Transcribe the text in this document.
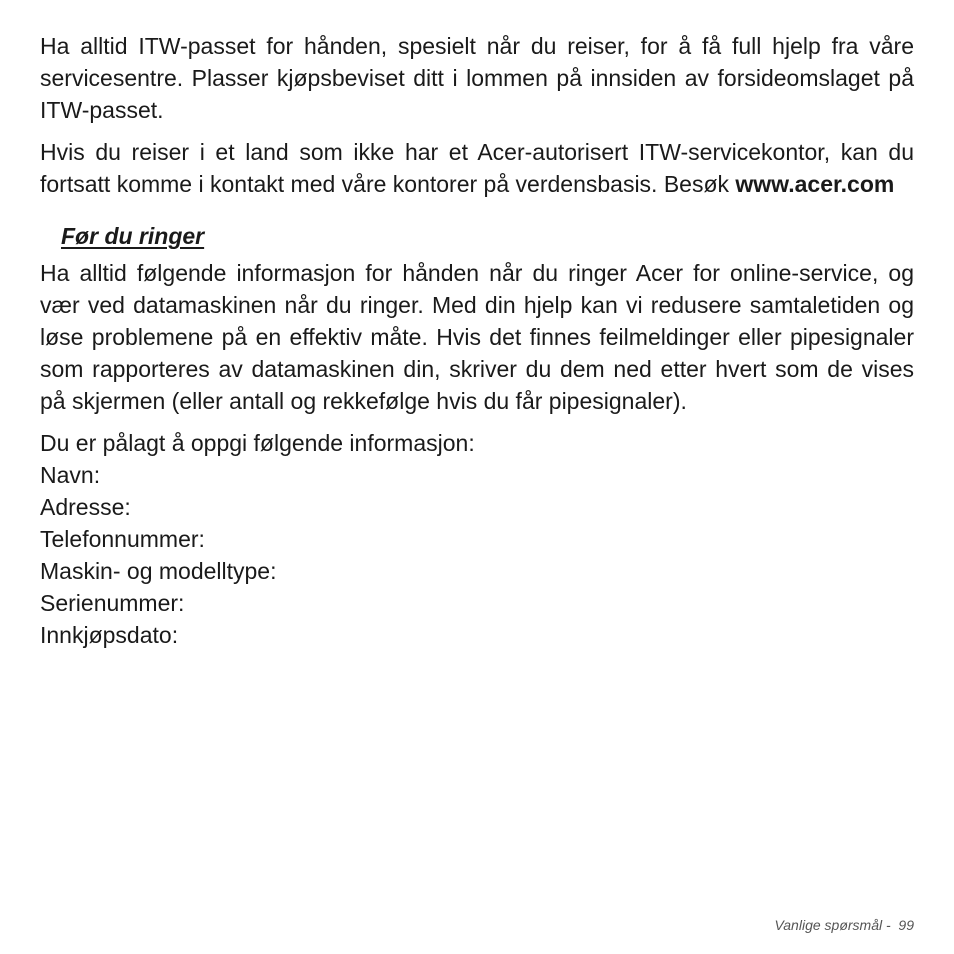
Ha alltid ITW-passet for hånden, spesielt når du reiser, for å få full hjelp fra våre servicesentre. Plasser kjøpsbeviset ditt i lommen på innsiden av forsideomslaget på ITW-passet.

Hvis du reiser i et land som ikke har et Acer-autorisert ITW-servicekontor, kan du fortsatt komme i kontakt med våre kontorer på verdensbasis. Besøk www.acer.com

Før du ringer

Ha alltid følgende informasjon for hånden når du ringer Acer for online-service, og vær ved datamaskinen når du ringer. Med din hjelp kan vi redusere samtaletiden og løse problemene på en effektiv måte. Hvis det finnes feilmeldinger eller pipesignaler som rapporteres av datamaskinen din, skriver du dem ned etter hvert som de vises på skjermen (eller antall og rekkefølge hvis du får pipesignaler).

Du er pålagt å oppgi følgende informasjon:
Navn:
Adresse:
Telefonnummer:
Maskin- og modelltype:
Serienummer:
Innkjøpsdato:
Vanlige spørsmål - 99
